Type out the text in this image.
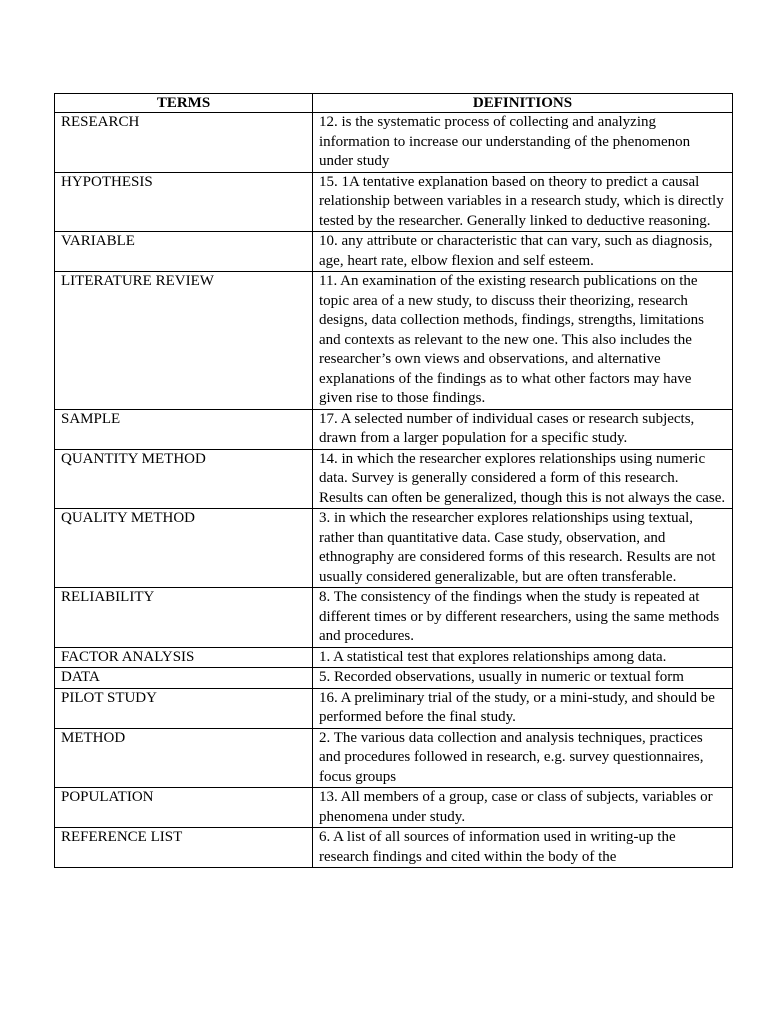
TERMS	DEFINITIONS
RESEARCH	12. is the systematic process of collecting and analyzing information to increase our understanding of the phenomenon under study
HYPOTHESIS	15. 1A tentative explanation based on theory to predict a causal relationship between variables in a research study, which is directly tested by the researcher. Generally linked to deductive reasoning.
VARIABLE	10. any attribute or characteristic that can vary, such as diagnosis, age, heart rate, elbow flexion and self esteem.
LITERATURE REVIEW	11. An examination of the existing research publications on the topic area of a new study, to discuss their theorizing, research designs, data collection methods, findings, strengths, limitations and contexts as relevant to the new one. This also includes the researcher’s own views and observations, and alternative explanations of the findings as to what other factors may have given rise to those findings.
SAMPLE	17. A selected number of individual cases or research subjects, drawn from a larger population for a specific study.
QUANTITY METHOD	14. in which the researcher explores relationships using numeric data. Survey is generally considered a form of this research. Results can often be generalized, though this is not always the case.
QUALITY METHOD	3. in which the researcher explores relationships using textual, rather than quantitative data. Case study, observation, and ethnography are considered forms of this research. Results are not usually considered generalizable, but are often transferable.
RELIABILITY	8. The consistency of the findings when the study is repeated at different times or by different researchers, using the same methods and procedures.
FACTOR ANALYSIS	1. A statistical test that explores relationships among data.
DATA	5. Recorded observations, usually in numeric or textual form
PILOT STUDY	16. A preliminary trial of the study, or a mini-study, and should be performed before the final study.
METHOD	2. The various data collection and analysis techniques, practices and procedures followed in research, e.g. survey questionnaires, focus groups
POPULATION	13. All members of a group, case or class of subjects, variables or phenomena under study.
REFERENCE LIST	6. A list of all sources of information used in writing-up the research findings and cited within the body of the
